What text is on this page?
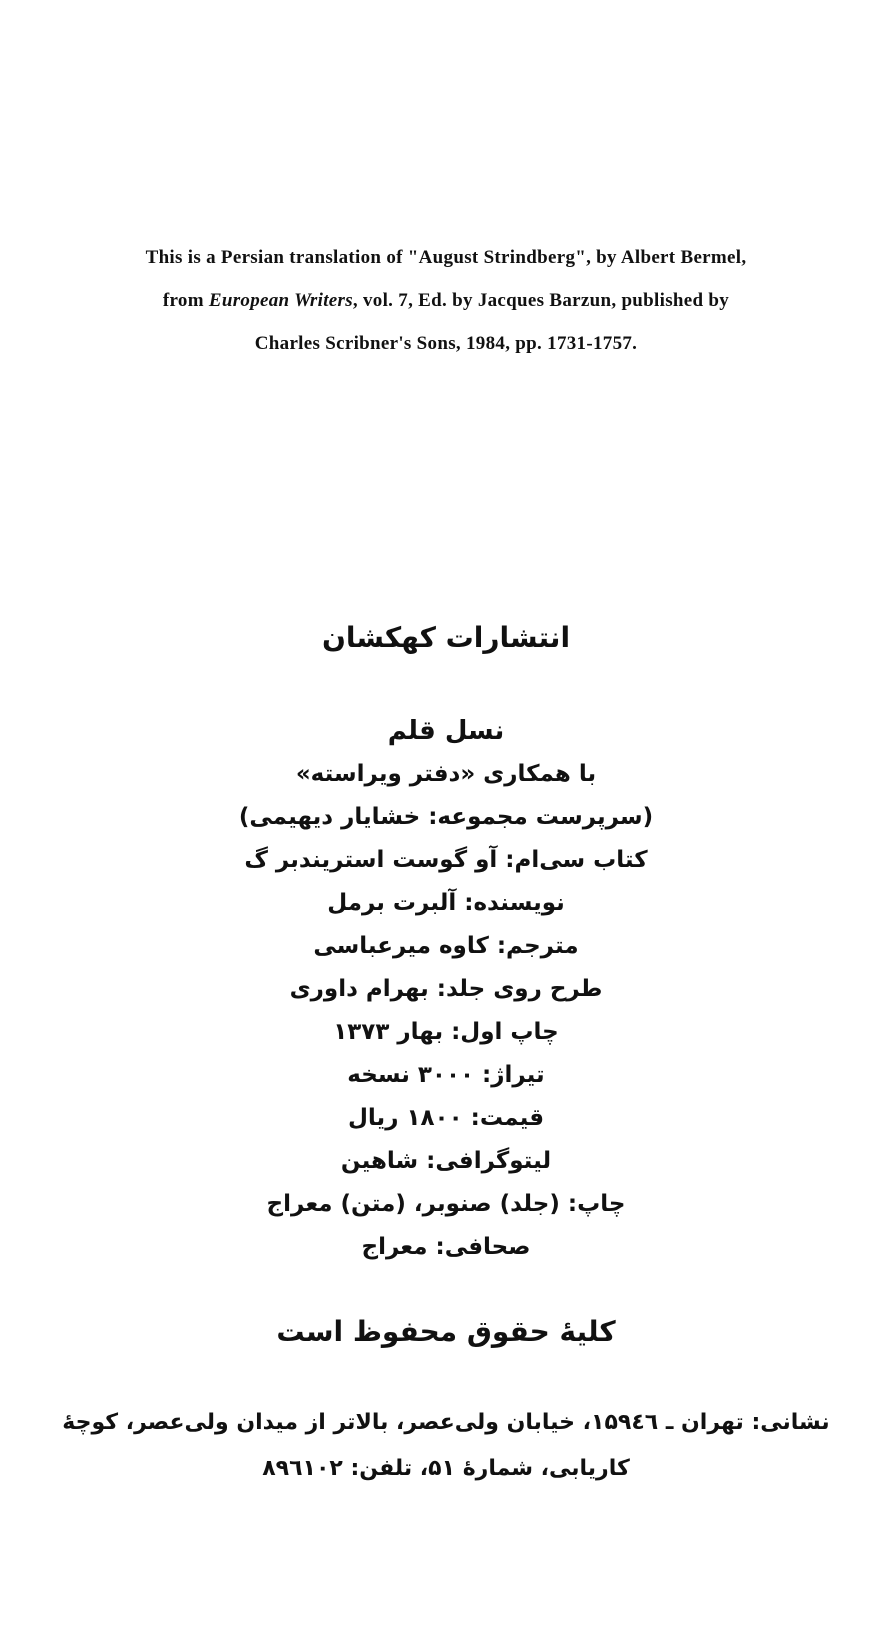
This is a Persian translation of "August Strindberg", by Albert Bermel,
from European Writers, vol. 7, Ed. by Jacques Barzun, published by
Charles Scribner's Sons, 1984, pp. 1731-1757.
انتشارات کهکشان
نسل قلم
با همکاری «دفتر ویراسته»
(سرپرست مجموعه: خشایار دیهیمی)
کتاب سی‌ام: آو گوست استریندبر گ
نویسنده: آلبرت برمل
مترجم: کاوه میرعباسی
طرح روی جلد: بهرام داوری
چاپ اول: بهار ۱۳۷۳
تیراژ: ۳۰۰۰ نسخه
قیمت: ۱۸۰۰ ریال
لیتوگرافی: شاهین
چاپ: (جلد) صنوبر، (متن) معراج
صحافی: معراج
کلیهٔ حقوق محفوظ است
نشانی: تهران ـ ۱۵۹٤٦، خیابان ولی‌عصر، بالاتر از میدان ولی‌عصر، کوچهٔ
کاریابی، شمارهٔ ۵۱، تلفن: ۸۹٦۱۰۲
